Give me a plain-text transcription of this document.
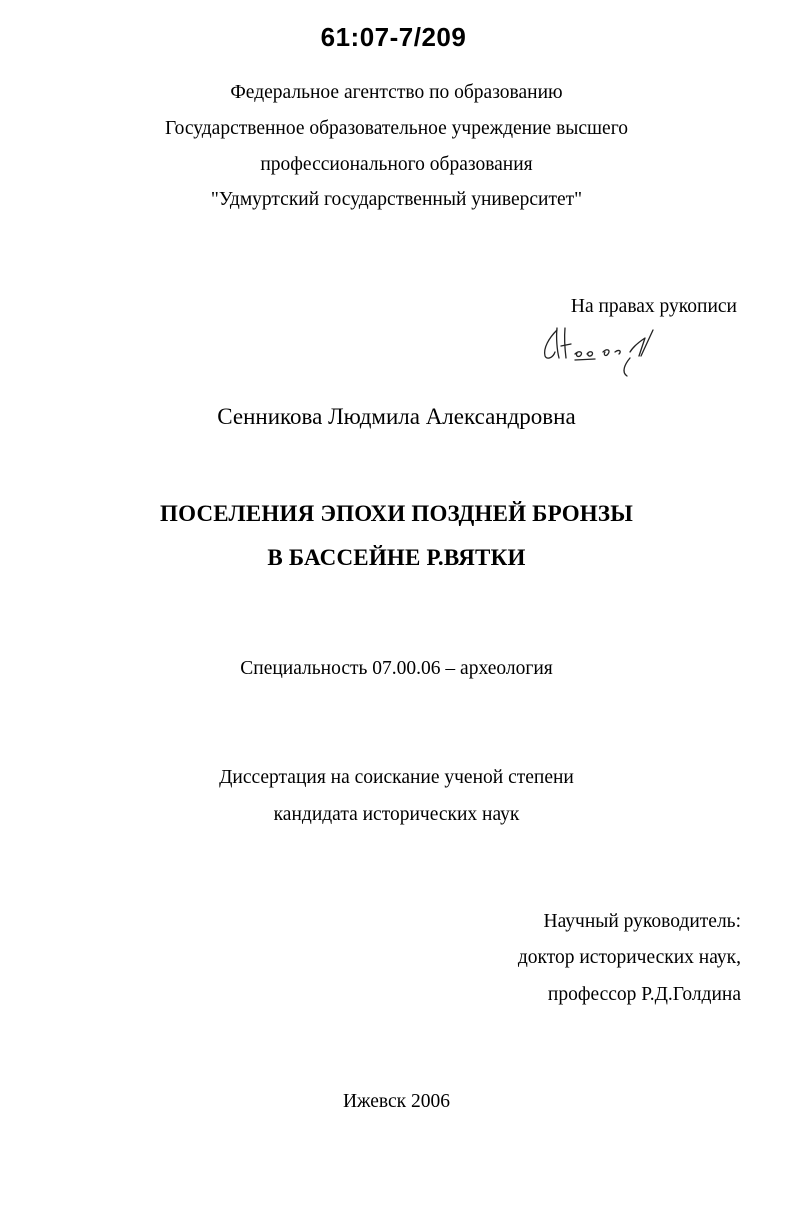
61:07-7/209

Федеральное агентство по образованию

Государственное образовательное учреждение высшего

профессионального образования

"Удмуртский государственный университет"

На правах рукописи

Сенникова Людмила Александровна

ПОСЕЛЕНИЯ ЭПОХИ ПОЗДНЕЙ БРОНЗЫ
В БАССЕЙНЕ Р.ВЯТКИ

Специальность 07.00.06 – археология

Диссертация на соискание ученой степени

кандидата исторических наук

Научный руководитель:

доктор исторических наук,

профессор Р.Д.Голдина

Ижевск 2006
